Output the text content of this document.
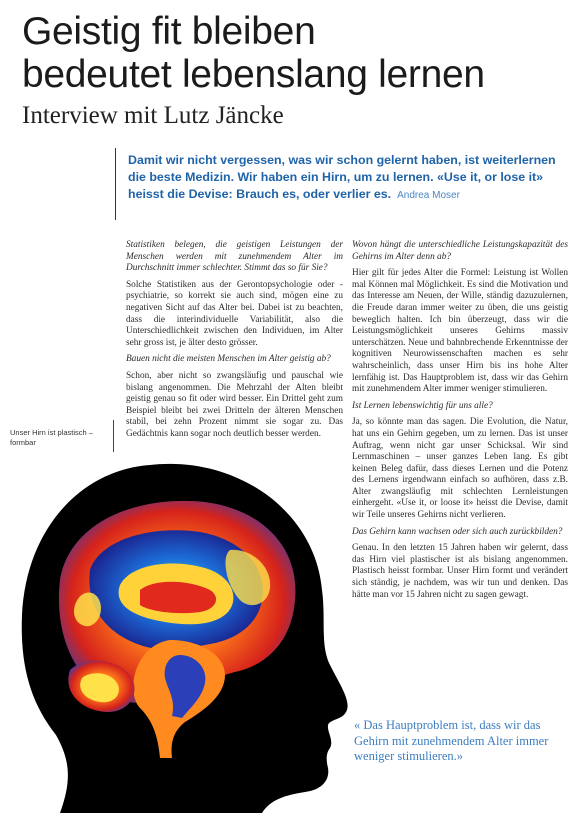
Geistig fit bleiben
bedeutet lebenslang lernen
Interview mit Lutz Jäncke

Damit wir nicht vergessen, was wir schon gelernt haben, ist weiterlernen die beste Medizin. Wir haben ein Hirn, um zu lernen. «Use it, or lose it» heisst die Devise: Brauch es, oder verlier es. Andrea Moser

Statistiken belegen, die geistigen Leistungen der Menschen werden mit zunehmendem Alter im Durchschnitt immer schlechter. Stimmt das so für Sie?

Solche Statistiken aus der Gerontopsychologie oder -psychiatrie, so korrekt sie auch sind, mögen eine zu negativen Sicht auf das Alter bei. Dabei ist zu beachten, dass die interindividuelle Variabilität, also die Unterschiedlichkeit zwischen den Individuen, im Alter sehr gross ist, je älter desto grösser.

Bauen nicht die meisten Menschen im Alter geistig ab?

Schon, aber nicht so zwangsläufig und pauschal wie bislang angenommen. Die Mehrzahl der Alten bleibt geistig genau so fit oder wird besser. Ein Drittel geht zum Beispiel bleibt bei zwei Dritteln der älteren Menschen stabil, bei zehn Prozent nimmt sie sogar zu. Das Gedächtnis kann sogar noch deutlich besser werden.

Wovon hängt die unterschiedliche Leistungskapazität des Gehirns im Alter denn ab?

Hier gilt für jedes Alter die Formel: Leistung ist Wollen mal Können mal Möglichkeit. Es sind die Motivation und das Interesse am Neuen, der Wille, ständig dazuzulernen, die Freude daran immer weiter zu üben, die uns geistig beweglich halten. Ich bin überzeugt, dass wir die Leistungsmöglichkeit unseres Gehirns massiv unterschätzen. Neue und bahnbrechende Erkenntnisse der kognitiven Neurowissenschaften machen es sehr wahrscheinlich, dass unser Hirn bis ins hohe Alter lernfähig ist. Das Hauptproblem ist, dass wir das Gehirn mit zunehmendem Alter immer weniger stimulieren.

Ist Lernen lebenswichtig für uns alle?

Ja, so könnte man das sagen. Die Evolution, die Natur, hat uns ein Gehirn gegeben, um zu lernen. Das ist unser Auftrag, wenn nicht gar unser Schicksal. Wir sind Lernmaschinen – unser ganzes Leben lang. Es gibt keinen Beleg dafür, dass dieses Lernen und die Potenz des Lernens irgendwann einfach so aufhören, dass z.B. Alter zwangsläufig mit schlechten Lernleistungen einhergeht. «Use it, or loose it» heisst die Devise, damit wir Teile unseres Gehirns nicht verlieren.

Das Gehirn kann wachsen oder sich auch zurückbilden?

Genau. In den letzten 15 Jahren haben wir gelernt, dass das Hirn viel plastischer ist als bislang angenommen. Plastisch heisst formbar. Unser Hirn formt und verändert sich ständig, je nachdem, was wir tun und denken. Das hätte man vor 15 Jahren nicht zu sagen gewagt.

Unser Hirn ist plastisch – formbar
« Das Hauptproblem ist, dass wir das Gehirn mit zunehmendem Alter immer weniger stimulieren.»
